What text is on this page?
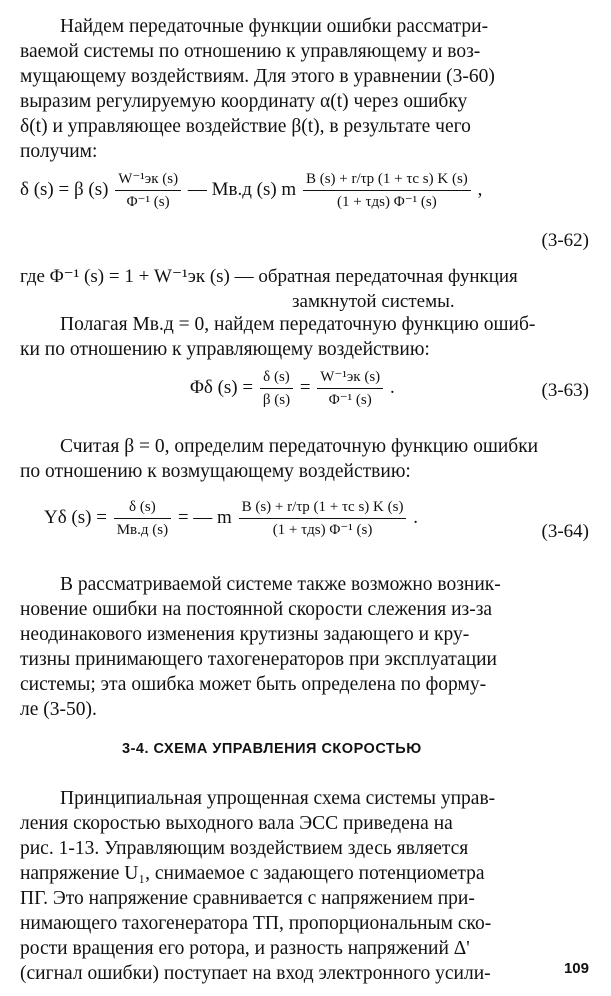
Найдем передаточные функции ошибки рассматри-
ваемой системы по отношению к управляющему и воз-
мущающему воздействиям. Для этого в уравнении (3-60)
выразим регулируемую координату α(t) через ошибку
δ(t) и управляющее воздействие β(t), в результате чего
получим:
δ (s) = β $(s) \frac{\text{W⁻¹эк (s)}}{\text{Φ⁻¹ (s)}}$ — Mв.д (s) m $\frac{\text{B (s) + r/τр (1 + τс s) K (s)}}{\text{(1 + τдs) Φ⁻¹ (s)}}$ ,
(3-62)
где Φ⁻¹ (s) = 1 + W⁻¹эк (s) — обратная передаточная функция
замкнутой системы.
Полагая Mв.д = 0, найдем передаточную функцию ошиб-
ки по отношению к управляющему воздействию:
Φδ $(s) = \frac{\delta (s)}{\beta (s)} = \frac{\text{W⁻¹эк (s)}}{\text{Φ⁻¹ (s)}}$ .	(3-63)
Считая β = 0, определим передаточную функцию ошибки
по отношению к возмущающему воздействию:
Yδ $(s) = \frac{\delta (s)}{Mв.д (s)}$ = — m $\frac{\text{B (s) + r/τр (1 + τс s) K (s)}}{\text{(1 + τдs) Φ⁻¹ (s)}}$ .
(3-64)
В рассматриваемой системе также возможно возник-
новение ошибки на постоянной скорости слежения из-за
неодинакового изменения крутизны задающего и кру-
тизны принимающего тахогенераторов при эксплуатации
системы; эта ошибка может быть определена по форму-
ле (3-50).
3-4. СХЕМА УПРАВЛЕНИЯ СКОРОСТЬЮ
Принципиальная упрощенная схема системы управ-
ления скоростью выходного вала ЭСС приведена на
рис. 1-13. Управляющим воздействием здесь является
напряжение U₁, снимаемое с задающего потенциометра
ПГ. Это напряжение сравнивается с напряжением при-
нимающего тахогенератора ТП, пропорциональным ско-
рости вращения его ротора, и разность напряжений Δ'
(сигнал ошибки) поступает на вход электронного усили-	109
